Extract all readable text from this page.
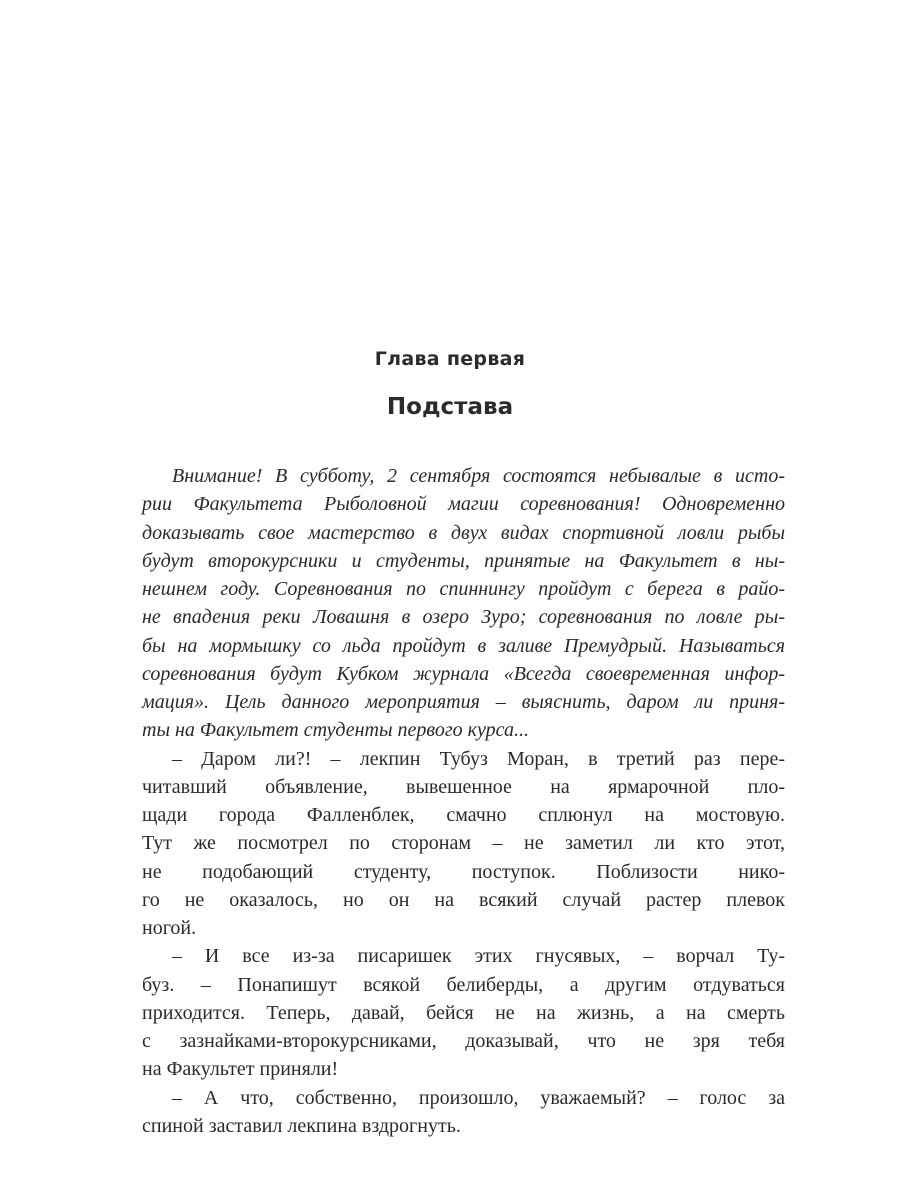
Глава первая
Подстава
Внимание! В субботу, 2 сентября состоятся небывалые в исто-
рии Факультета Рыболовной магии соревнования! Одновременно
доказывать свое мастерство в двух видах спортивной ловли рыбы
будут второкурсники и студенты, принятые на Факультет в ны-
нешнем году. Соревнования по спиннингу пройдут с берега в райо-
не впадения реки Ловашня в озеро Зуро; соревнования по ловле ры-
бы на мормышку со льда пройдут в заливе Премудрый. Называться
соревнования будут Кубком журнала «Всегда своевременная инфор-
мация». Цель данного мероприятия – выяснить, даром ли приня-
ты на Факультет студенты первого курса...
– Даром ли?! – лекпин Тубуз Моран, в третий раз пере-
читавший объявление, вывешенное на ярмарочной пло-
щади города Фалленблек, смачно сплюнул на мостовую.
Тут же посмотрел по сторонам – не заметил ли кто этот,
не подобающий студенту, поступок. Поблизости нико-
го не оказалось, но он на всякий случай растер плевок
ногой.
– И все из-за писаришек этих гнусявых, – ворчал Ту-
буз. – Понапишут всякой белиберды, а другим отдуваться
приходится. Теперь, давай, бейся не на жизнь, а на смерть
с зазнайками-второкурсниками, доказывай, что не зря тебя
на Факультет приняли!
– А что, собственно, произошло, уважаемый? – голос за
спиной заставил лекпина вздрогнуть.
